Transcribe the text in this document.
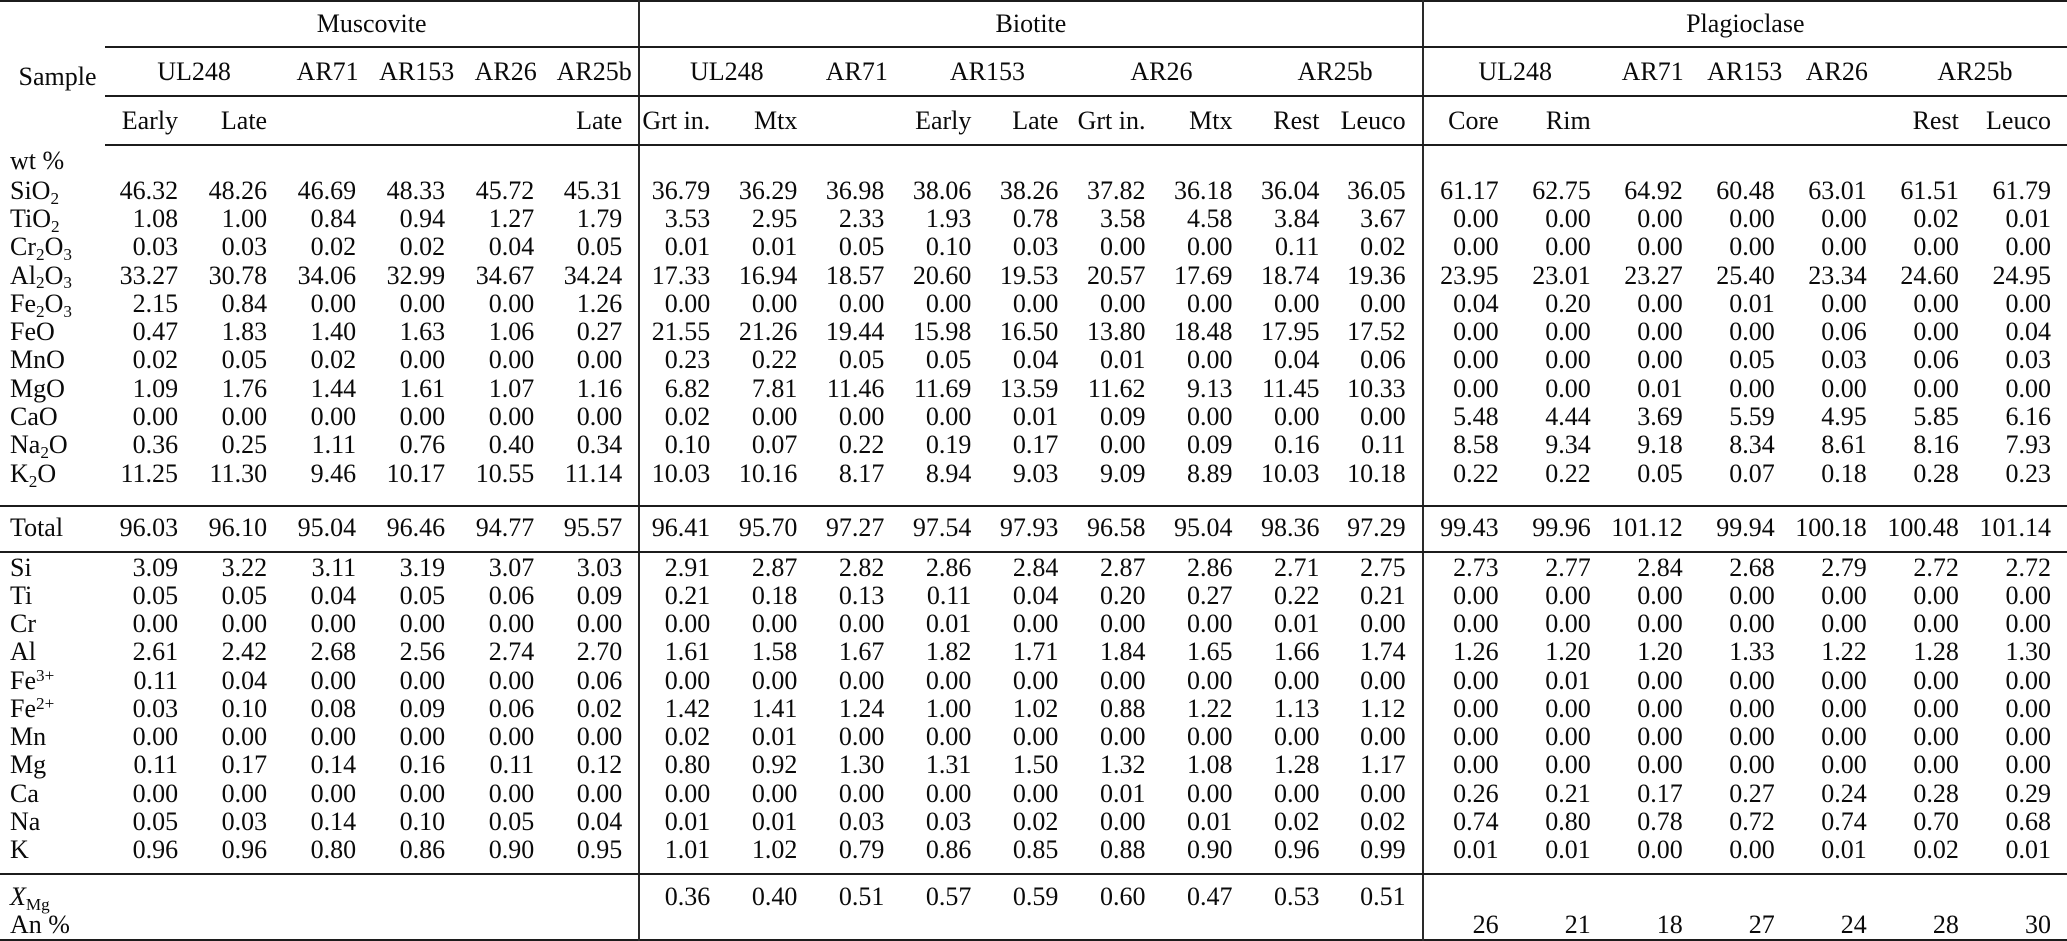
Sample	Muscovite						Biotite									Plagioclase						
	UL248		AR71	AR153	AR26	AR25b	UL248		AR71	AR153		AR26		AR25b		UL248		AR71	AR153	AR26	AR25b	
	Early	Late				Late	Grt in.	Mtx		Early	Late	Grt in.	Mtx	Rest	Leuco	Core	Rim				Rest	Leuco
wt %																						
SiO$_2$	46.32	48.26	46.69	48.33	45.72	45.31	36.79	36.29	36.98	38.06	38.26	37.82	36.18	36.04	36.05	61.17	62.75	64.92	60.48	63.01	61.51	61.79
TiO$_2$	1.08	1.00	0.84	0.94	1.27	1.79	3.53	2.95	2.33	1.93	0.78	3.58	4.58	3.84	3.67	0.00	0.00	0.00	0.00	0.00	0.02	0.01
$Cr_2O_3$	0.03	0.03	0.02	0.02	0.04	0.05	0.01	0.01	0.05	0.10	0.03	0.00	0.00	0.11	0.02	0.00	0.00	0.00	0.00	0.00	0.00	0.00
$Al_2O_3$	33.27	30.78	34.06	32.99	34.67	34.24	17.33	16.94	18.57	20.60	19.53	20.57	17.69	18.74	19.36	23.95	23.01	23.27	25.40	23.34	24.60	24.95
$Fe_2O_3$	2.15	0.84	0.00	0.00	0.00	1.26	0.00	0.00	0.00	0.00	0.00	0.00	0.00	0.00	0.00	0.04	0.20	0.00	0.01	0.00	0.00	0.00
FeO	0.47	1.83	1.40	1.63	1.06	0.27	21.55	21.26	19.44	15.98	16.50	13.80	18.48	17.95	17.52	0.00	0.00	0.00	0.00	0.06	0.00	0.04
MnO	0.02	0.05	0.02	0.00	0.00	0.00	0.23	0.22	0.05	0.05	0.04	0.01	0.00	0.04	0.06	0.00	0.00	0.00	0.05	0.03	0.06	0.03
MgO	1.09	1.76	1.44	1.61	1.07	1.16	6.82	7.81	11.46	11.69	13.59	11.62	9.13	11.45	10.33	0.00	0.00	0.01	0.00	0.00	0.00	0.00
CaO	0.00	0.00	0.00	0.00	0.00	0.00	0.02	0.00	0.00	0.00	0.01	0.09	0.00	0.00	0.00	5.48	4.44	3.69	5.59	4.95	5.85	6.16
$Na_2O$	0.36	0.25	1.11	0.76	0.40	0.34	0.10	0.07	0.22	0.19	0.17	0.00	0.09	0.16	0.11	8.58	9.34	9.18	8.34	8.61	8.16	7.93
$K_2O$	11.25	11.30	9.46	10.17	10.55	11.14	10.03	10.16	8.17	8.94	9.03	9.09	8.89	10.03	10.18	0.22	0.22	0.05	0.07	0.18	0.28	0.23
Total	96.03	96.10	95.04	96.46	94.77	95.57	96.41	95.70	97.27	97.54	97.93	96.58	95.04	98.36	97.29	99.43	99.96	101.12	99.94	100.18	100.48	101.14
Si	3.09	3.22	3.11	3.19	3.07	3.03	2.91	2.87	2.82	2.86	2.84	2.87	2.86	2.71	2.75	2.73	2.77	2.84	2.68	2.79	2.72	2.72
Ti	0.05	0.05	0.04	0.05	0.06	0.09	0.21	0.18	0.13	0.11	0.04	0.20	0.27	0.22	0.21	0.00	0.00	0.00	0.00	0.00	0.00	0.00
Cr	0.00	0.00	0.00	0.00	0.00	0.00	0.00	0.00	0.00	0.01	0.00	0.00	0.00	0.01	0.00	0.00	0.00	0.00	0.00	0.00	0.00	0.00
Al	2.61	2.42	2.68	2.56	2.74	2.70	1.61	1.58	1.67	1.82	1.71	1.84	1.65	1.66	1.74	1.26	1.20	1.20	1.33	1.22	1.28	1.30
$Fe^{3+}$	0.11	0.04	0.00	0.00	0.00	0.06	0.00	0.00	0.00	0.00	0.00	0.00	0.00	0.00	0.00	0.00	0.01	0.00	0.00	0.00	0.00	0.00
$Fe^{2+}$	0.03	0.10	0.08	0.09	0.06	0.02	1.42	1.41	1.24	1.00	1.02	0.88	1.22	1.13	1.12	0.00	0.00	0.00	0.00	0.00	0.00	0.00
Mn	0.00	0.00	0.00	0.00	0.00	0.00	0.02	0.01	0.00	0.00	0.00	0.00	0.00	0.00	0.00	0.00	0.00	0.00	0.00	0.00	0.00	0.00
Mg	0.11	0.17	0.14	0.16	0.11	0.12	0.80	0.92	1.30	1.31	1.50	1.32	1.08	1.28	1.17	0.00	0.00	0.00	0.00	0.00	0.00	0.00
Ca	0.00	0.00	0.00	0.00	0.00	0.00	0.00	0.00	0.00	0.00	0.00	0.01	0.00	0.00	0.00	0.26	0.21	0.17	0.27	0.24	0.28	0.29
Na	0.05	0.03	0.14	0.10	0.05	0.04	0.01	0.01	0.03	0.03	0.02	0.00	0.01	0.02	0.02	0.74	0.80	0.78	0.72	0.74	0.70	0.68
K	0.96	0.96	0.80	0.86	0.90	0.95	1.01	1.02	0.79	0.86	0.85	0.88	0.90	0.96	0.99	0.01	0.01	0.00	0.00	0.01	0.02	0.01
$X_{Mg}$							0.36	0.40	0.51	0.57	0.59	0.60	0.47	0.53	0.51							
An %																26	21	18	27	24	28	30
